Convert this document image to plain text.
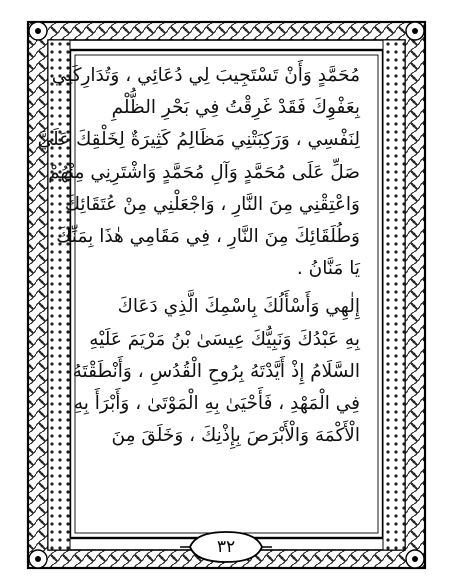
مُحَمَّدٍ وَأَنْ تَسْتَجِيبَ لِي دُعَائِي ، وَتُدَارِكَنِي
بِعَفْوِكَ فَقَدْ غَرِقْتُ فِي بَحْرِ الظُّلْمِ
لِنَفْسِي ، وَرَكِبَتْنِي مَظَالِمُ كَثِيرَةٌ لِخَلْقِكَ عَلَيَّ
صَلِّ عَلَى مُحَمَّدٍ وَآلِ مُحَمَّدٍ وَاشْتَرِنِي مِنْهُمْ
وَاعْتِقْنِي مِنَ النَّارِ ، وَاجْعَلْنِي مِنْ عُتَقَائِكَ
وَطُلَقَائِكَ مِنَ النَّارِ ، فِي مَقَامِي هٰذَا بِمَنِّكَ
يَا مَنَّانُ .
إِلٰهِي وَأَسْأَلُكَ بِاسْمِكَ الَّذِي دَعَاكَ
بِهِ عَبْدُكَ وَنَبِيُّكَ عِيسَىٰ بْنُ مَرْيَمَ عَلَيْهِ
السَّلَامُ إِذْ أَيَّدْتَهُ بِرُوحِ الْقُدُسِ ، وَأَنْطَقْتَهُ
فِي الْمَهْدِ ، فَأَحْيَىٰ بِهِ الْمَوْتَىٰ ، وَأَبْرَأَ بِهِ
الْأَكْمَهَ وَالْأَبْرَصَ بِإِذْنِكَ ، وَخَلَقَ مِنَ
٣٢
